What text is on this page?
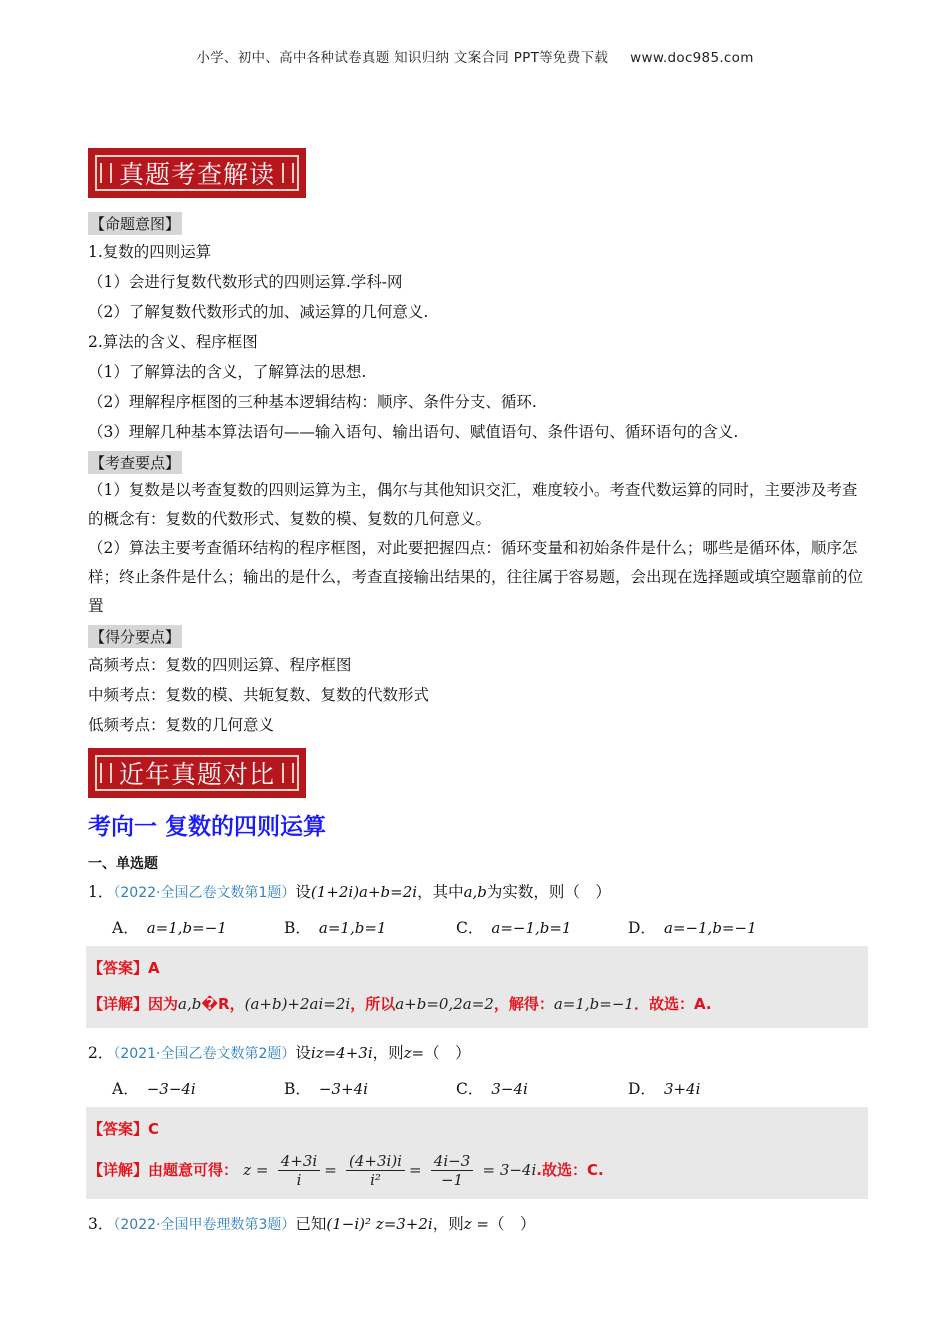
小学、初中、高中各种试卷真题 知识归纳 文案合同 PPT等免费下载 www.doc985.com
真题考查解读
【命题意图】

1.复数的四则运算

（1）会进行复数代数形式的四则运算.学科-网

（2）了解复数代数形式的加、减运算的几何意义.

2.算法的含义、程序框图

（1）了解算法的含义，了解算法的思想.

（2）理解程序框图的三种基本逻辑结构：顺序、条件分支、循环.

（3）理解几种基本算法语句——输入语句、输出语句、赋值语句、条件语句、循环语句的含义.

【考查要点】

（1）复数是以考查复数的四则运算为主，偶尔与其他知识交汇，难度较小。考查代数运算的同时，主要涉及考查的概念有：复数的代数形式、复数的模、复数的几何意义。

（2）算法主要考查循环结构的程序框图，对此要把握四点：循环变量和初始条件是什么；哪些是循环体，顺序怎样；终止条件是什么；输出的是什么，考查直接输出结果的，往往属于容易题，会出现在选择题或填空题靠前的位置

【得分要点】

高频考点：复数的四则运算、程序框图

中频考点：复数的模、共轭复数、复数的代数形式

低频考点：复数的几何意义

近年真题对比
考向一 复数的四则运算
一、单选题

1．（2022·全国乙卷文数第1题）设(1+2i)a+b=2i，其中a,b为实数，则（　）

A． a=1,b=−1	B． a=1,b=1	C． a=−1,b=1	D． a=−1,b=−1
【答案】A
【详解】因为a,b�R，(a+b)+2ai=2i，所以a+b=0,2a=2，解得：a=1,b=−1．故选：A.

2．（2021·全国乙卷文数第2题）设iz=4+3i，则z=（　）

A． −3−4i	B． −3+4i	C． 3−4i	D． 3+4i
【答案】C
【详解】由题意可得： $z = \frac{4+3i}{i} = \frac{(4+3i)i}{\text{i²}} = \frac{4i-3}{-1} = 3-4i$.故选：C.

3．（2022·全国甲卷理数第3题）已知(1−i)² z=3+2i，则z =（　）
